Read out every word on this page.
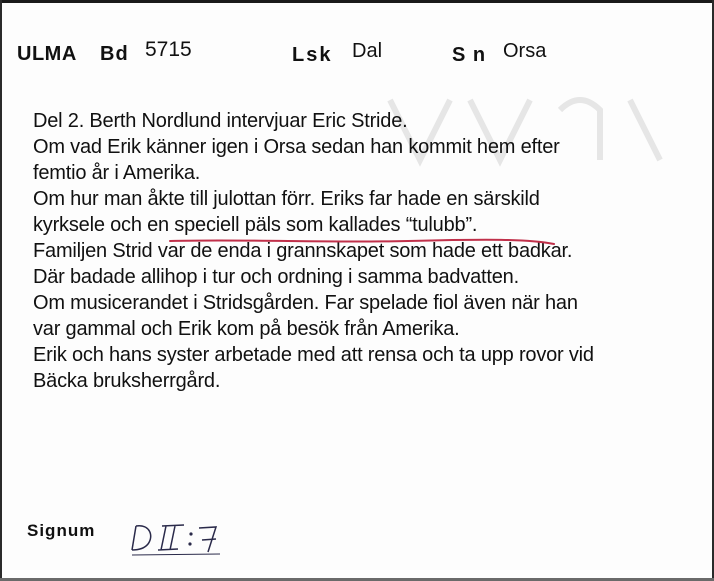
ULMA Bd 5715	Lsk Dal	S n Orsa
Del 2. Berth Nordlund intervjuar Eric Stride.
Om vad Erik känner igen i Orsa sedan han kommit hem efter
femtio år i Amerika.
Om hur man åkte till julottan förr. Eriks far hade en särskild
kyrksele och en speciell päls som kallades “tulubb”.
Familjen Strid var de enda i grannskapet som hade ett badkar.
Där badade allihop i tur och ordning i samma badvatten.
Om musicerandet i Stridsgården. Far spelade fiol även när han
var gammal och Erik kom på besök från Amerika.
Erik och hans syster arbetade med att rensa och ta upp rovor vid
Bäcka bruksherrgård.
Signum
